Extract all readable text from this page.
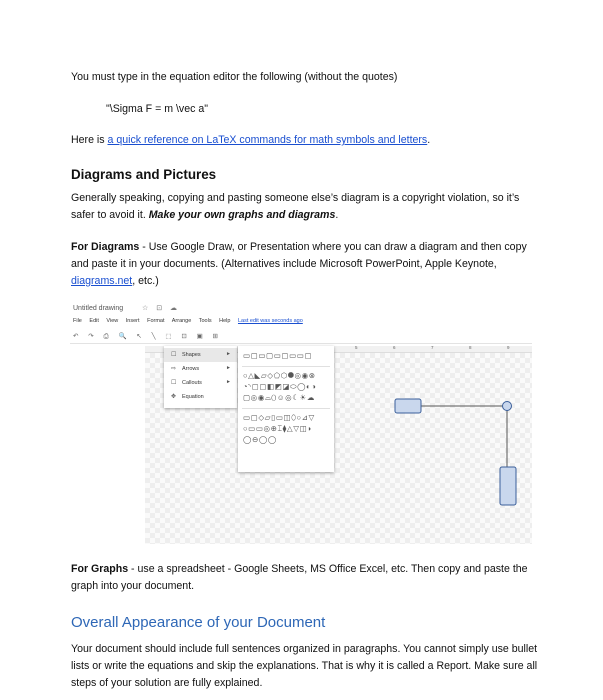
You must type in the equation editor the following (without the quotes)

"\Sigma F = m \vec a"

Here is a quick reference on LaTeX commands for math symbols and letters.

Diagrams and Pictures

Generally speaking, copying and pasting someone else’s diagram is a copyright violation, so it’s safer to avoid it. Make your own graphs and diagrams.

For Diagrams - Use Google Draw, or Presentation where you can draw a diagram and then copy and paste it in your documents. (Alternatives include Microsoft PowerPoint, Apple Keynote, diagrams.net, etc.)

Untitled drawing	☆ ⊡ ☁
File Edit View Insert Format Arrange Tools Help Last edit was seconds ago
↶ ↷ ⎙ 🔍 ↖ ╲ ⬚ ⊡ ▣ ⊞
5	6	7	8	9
☐ Shapes	►
⇨ Arrows	►
☐ Callouts	►
✥ Equation
▭▢▭▢▭▢▭▭▢
○△◣▱◇⬠⬡⯃◎◉⊗
◔◝▢▢◧◩◪⬭◯◐◑
▢◎◉⌓⬯☺◎☾☀☁
▭▢◇▱▯▭◫⬯○⊿▽
○▭▭◎⊕⌶⧫△▽◫◗
◯⊖◯◯

For Graphs - use a spreadsheet - Google Sheets, MS Office Excel, etc. Then copy and paste the graph into your document.

Overall Appearance of your Document

Your document should include full sentences organized in paragraphs. You cannot simply use bullet lists or write the equations and skip the explanations. That is why it is called a Report. Make sure all steps of your solution are fully explained.
